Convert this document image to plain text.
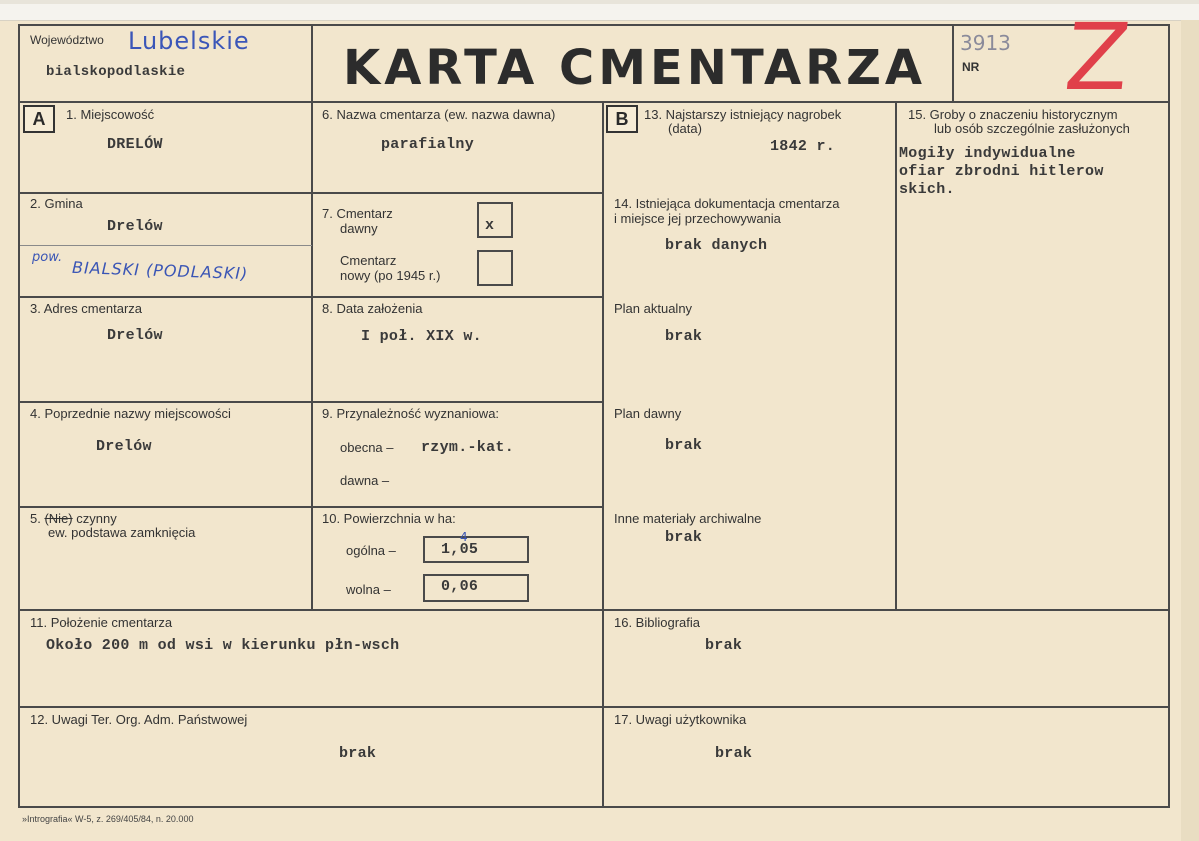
Województwo Lubelskie
bialskopodlaskie	KARTA CMENTARZA 3913
NR Z
A	B
1. Miejscowość
DRELÓW
2. Gmina
Drelów
pow.
BIALSKI (PODLASKI)
3. Adres cmentarza
Drelów
4. Poprzednie nazwy miejscowości
Drelów
5. (Nie) czynny
ew. podstawa zamknięcia
6. Nazwa cmentarza (ew. nazwa dawna)
parafialny
7. Cmentarz
dawny	x
Cmentarz
nowy (po 1945 r.)
8. Data założenia
I poł. XIX w.
9. Przynależność wyznaniowa:
obecna – rzym.-kat.
dawna –
10. Powierzchnia w ha:
ogólna –	1,05
4
wolna –	0,06
13. Najstarszy istniejący nagrobek
(data)
1842 r.
14. Istniejąca dokumentacja cmentarza
i miejsce jej przechowywania
brak danych
Plan aktualny
brak
Plan dawny
brak
Inne materiały archiwalne
brak
15. Groby o znaczeniu historycznym
lub osób szczególnie zasłużonych
Mogiły indywidualne
ofiar zbrodni hitlerow
skich.
11. Położenie cmentarza
Około 200 m od wsi w kierunku płn-wsch
16. Bibliografia
brak
12. Uwagi Ter. Org. Adm. Państwowej
brak
17. Uwagi użytkownika
brak
»Intrografia« W-5, z. 269/405/84, n. 20.000
